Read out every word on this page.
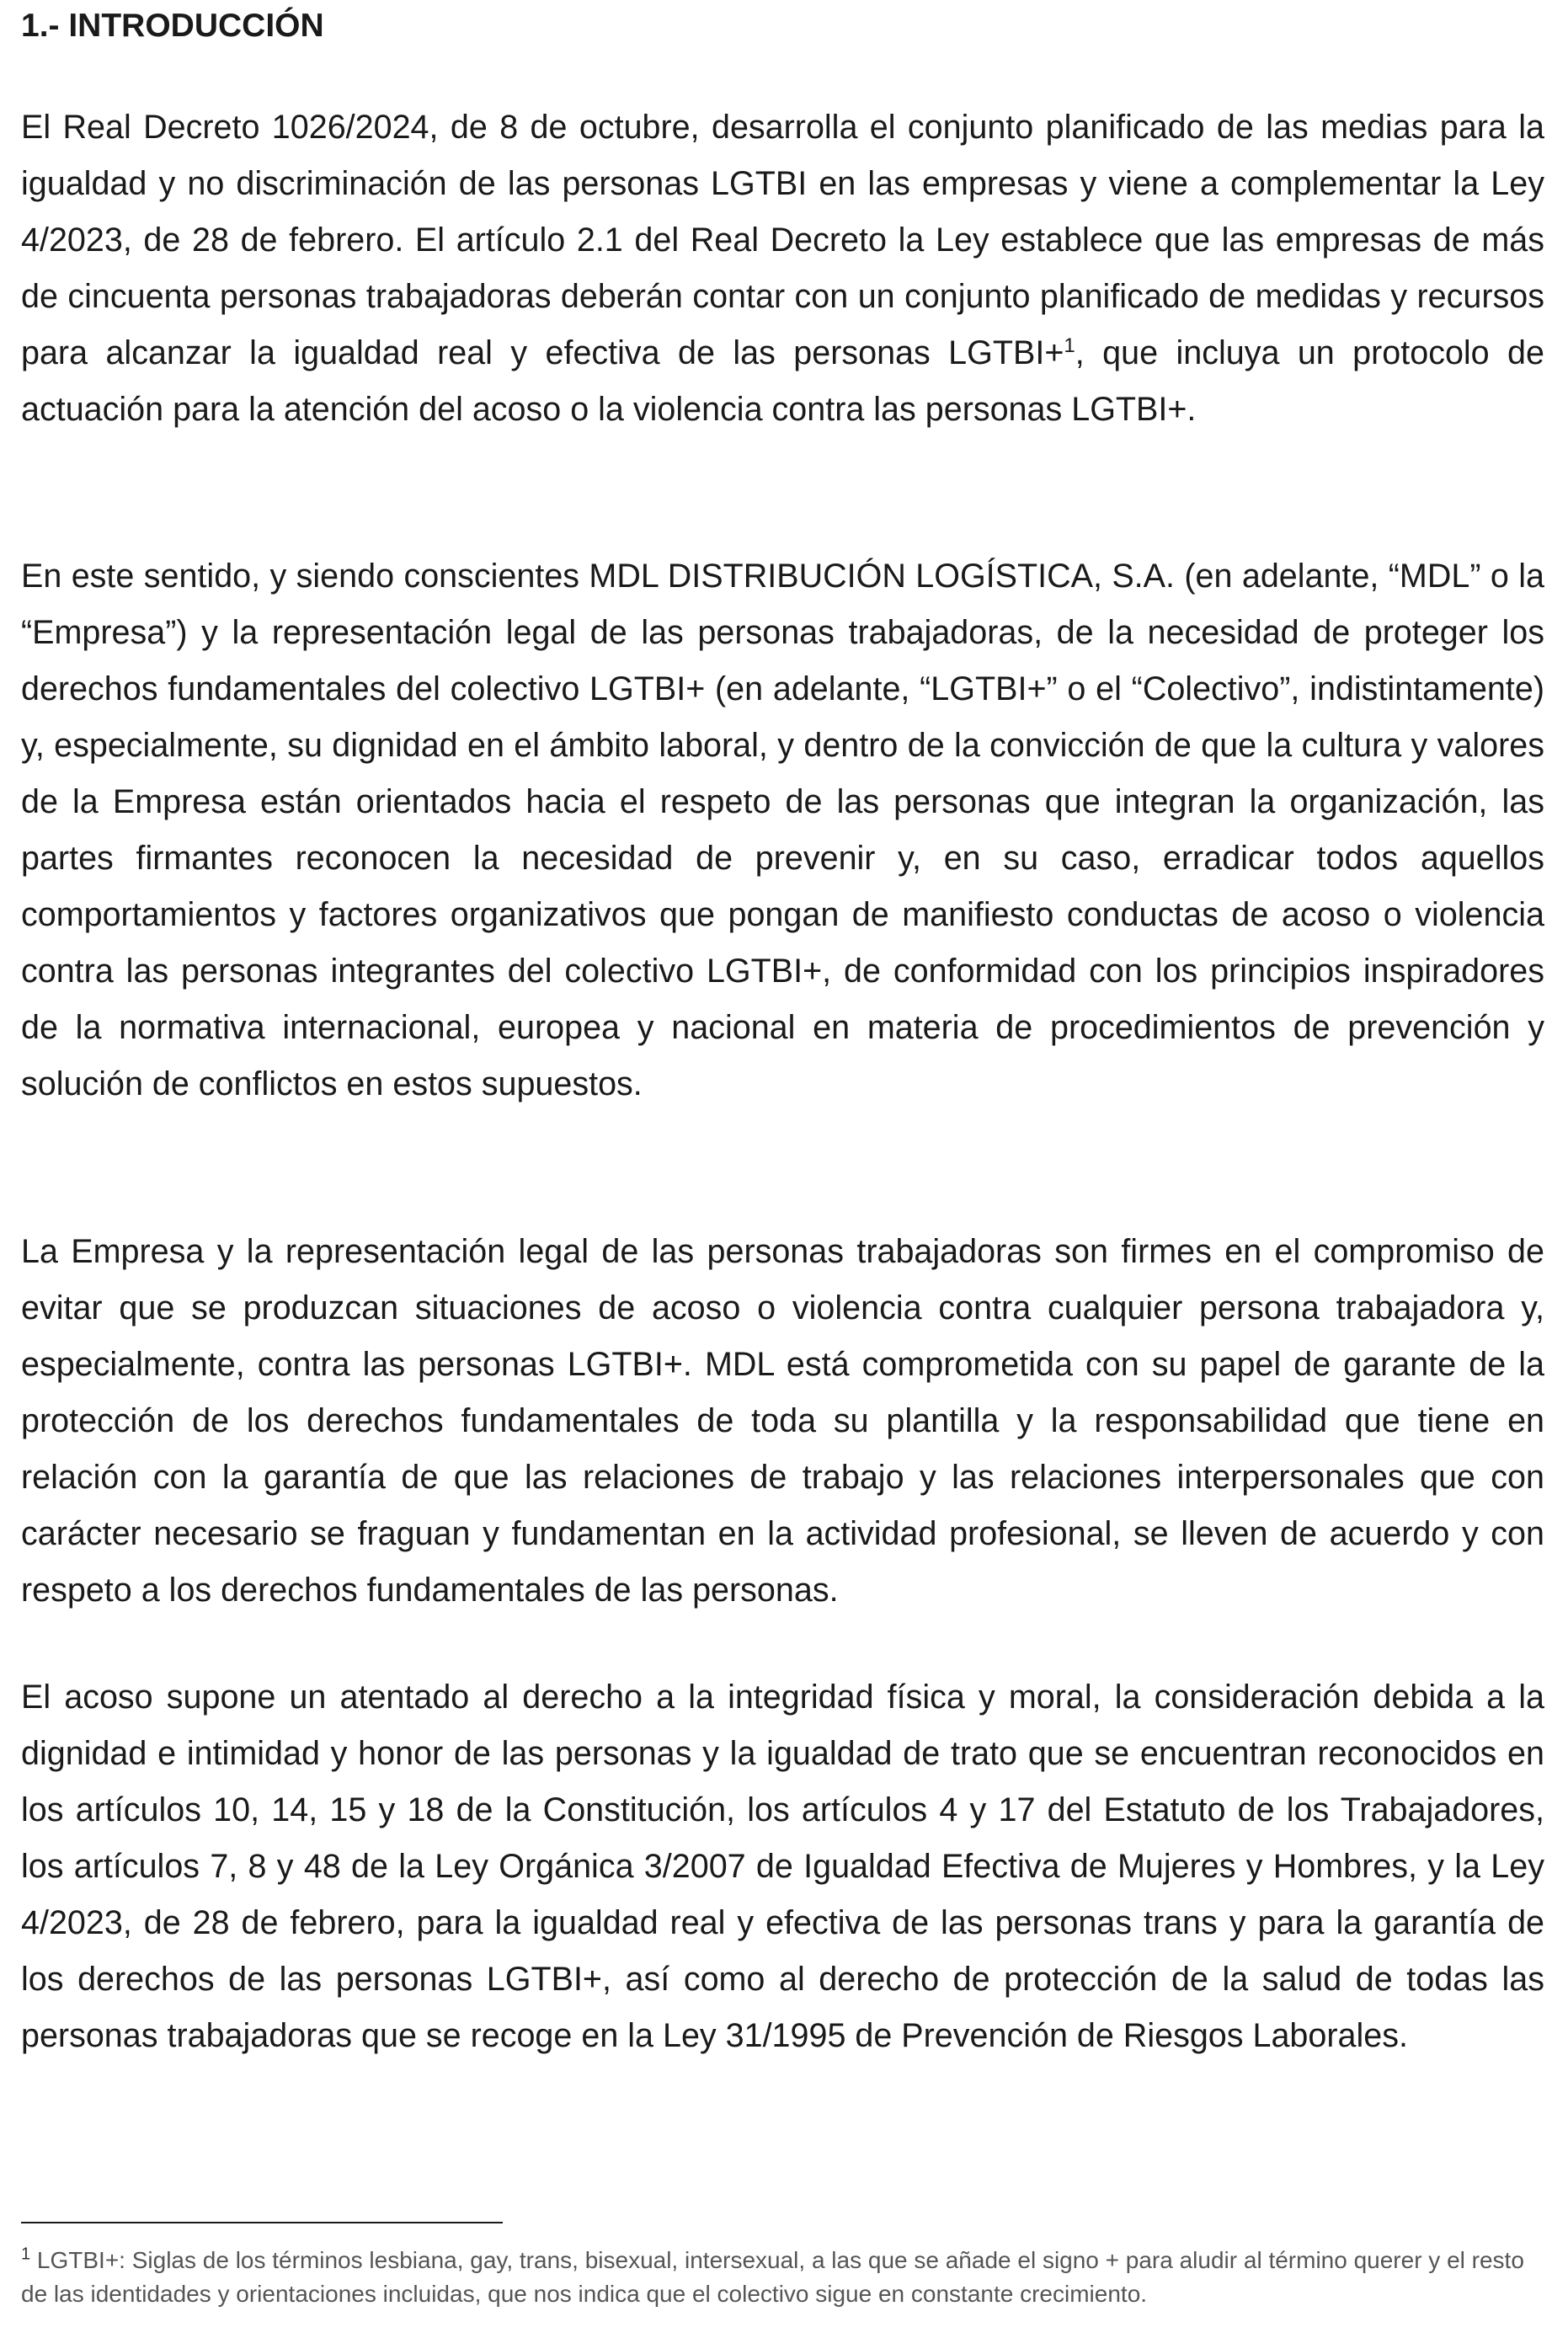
1.- INTRODUCCIÓN

El Real Decreto 1026/2024, de 8 de octubre, desarrolla el conjunto planificado de las medias para la igualdad y no discriminación de las personas LGTBI en las empresas y viene a complementar la Ley 4/2023, de 28 de febrero. El artículo 2.1 del Real Decreto la Ley establece que las empresas de más de cincuenta personas trabajadoras deberán contar con un conjunto planificado de medidas y recursos para alcanzar la igualdad real y efectiva de las personas LGTBI+$^1$, que incluya un protocolo de actuación para la atención del acoso o la violencia contra las personas LGTBI+.

En este sentido, y siendo conscientes MDL DISTRIBUCIÓN LOGÍSTICA, S.A. (en adelante, “MDL” o la “Empresa”) y la representación legal de las personas trabajadoras, de la necesidad de proteger los derechos fundamentales del colectivo LGTBI+ (en adelante, “LGTBI+” o el “Colectivo”, indistintamente) y, especialmente, su dignidad en el ámbito laboral, y dentro de la convicción de que la cultura y valores de la Empresa están orientados hacia el respeto de las personas que integran la organización, las partes firmantes reconocen la necesidad de prevenir y, en su caso, erradicar todos aquellos comportamientos y factores organizativos que pongan de manifiesto conductas de acoso o violencia contra las personas integrantes del colectivo LGTBI+, de conformidad con los principios inspiradores de la normativa internacional, europea y nacional en materia de procedimientos de prevención y solución de conflictos en estos supuestos.

La Empresa y la representación legal de las personas trabajadoras son firmes en el compromiso de evitar que se produzcan situaciones de acoso o violencia contra cualquier persona trabajadora y, especialmente, contra las personas LGTBI+. MDL está comprometida con su papel de garante de la protección de los derechos fundamentales de toda su plantilla y la responsabilidad que tiene en relación con la garantía de que las relaciones de trabajo y las relaciones interpersonales que con carácter necesario se fraguan y fundamentan en la actividad profesional, se lleven de acuerdo y con respeto a los derechos fundamentales de las personas.

El acoso supone un atentado al derecho a la integridad física y moral, la consideración debida a la dignidad e intimidad y honor de las personas y la igualdad de trato que se encuentran reconocidos en los artículos 10, 14, 15 y 18 de la Constitución, los artículos 4 y 17 del Estatuto de los Trabajadores, los artículos 7, 8 y 48 de la Ley Orgánica 3/2007 de Igualdad Efectiva de Mujeres y Hombres, y la Ley 4/2023, de 28 de febrero, para la igualdad real y efectiva de las personas trans y para la garantía de los derechos de las personas LGTBI+, así como al derecho de protección de la salud de todas las personas trabajadoras que se recoge en la Ley 31/1995 de Prevención de Riesgos Laborales.

$^1$ LGTBI+: Siglas de los términos lesbiana, gay, trans, bisexual, intersexual, a las que se añade el signo + para aludir al término querer y el resto de las identidades y orientaciones incluidas, que nos indica que el colectivo sigue en constante crecimiento.
